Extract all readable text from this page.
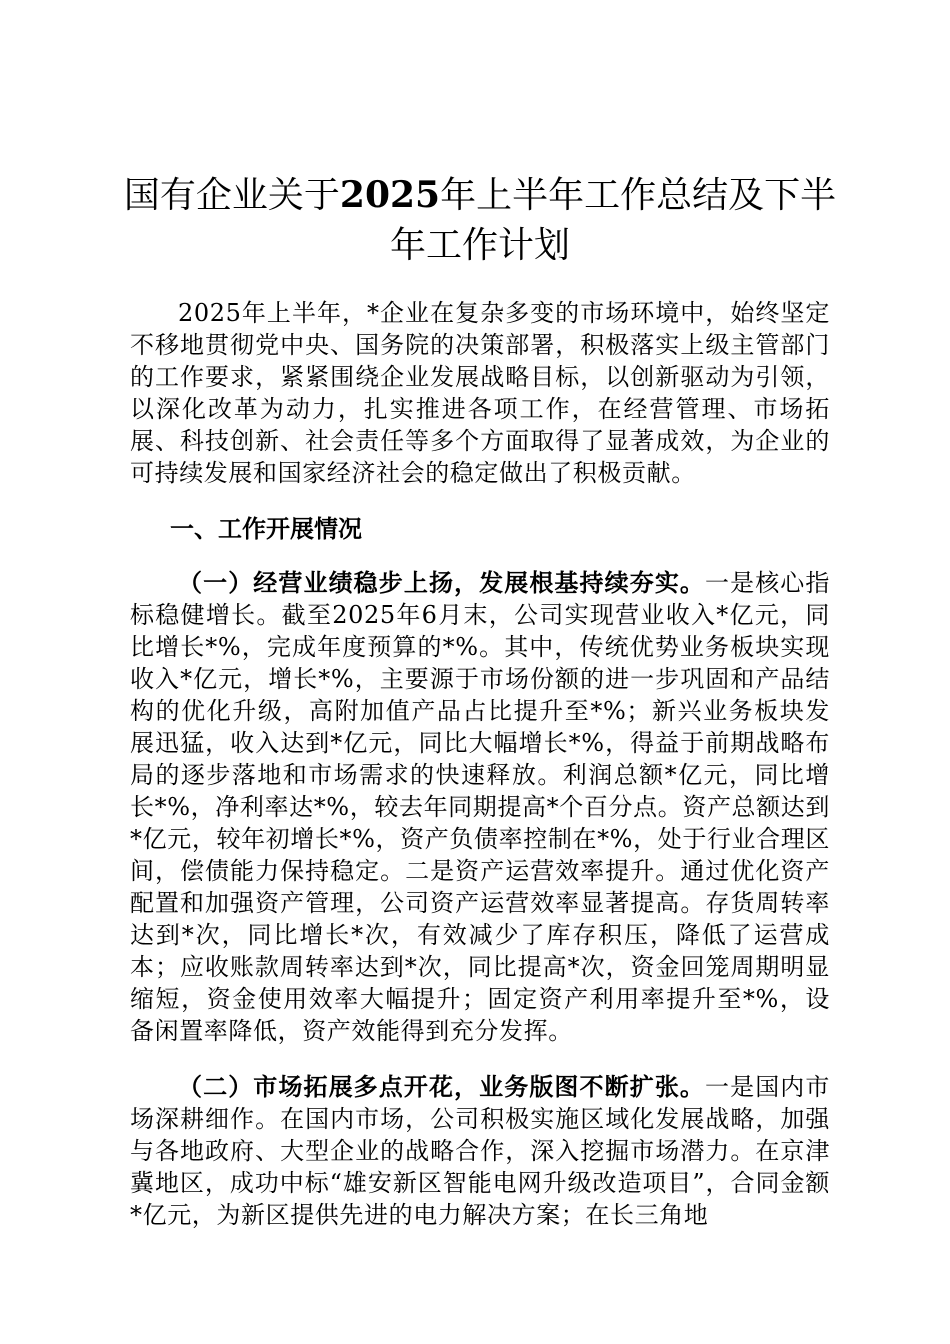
国有企业关于2025年上半年工作总结及下半
年工作计划

2025年上半年，*企业在复杂多变的市场环境中，始终坚定不移地贯彻党中央、国务院的决策部署，积极落实上级主管部门的工作要求，紧紧围绕企业发展战略目标，以创新驱动为引领，以深化改革为动力，扎实推进各项工作，在经营管理、市场拓展、科技创新、社会责任等多个方面取得了显著成效，为企业的可持续发展和国家经济社会的稳定做出了积极贡献。

一、工作开展情况

（一）经营业绩稳步上扬，发展根基持续夯实。一是核心指标稳健增长。截至2025年6月末，公司实现营业收入*亿元，同比增长*%，完成年度预算的*%。其中，传统优势业务板块实现收入*亿元，增长*%，主要源于市场份额的进一步巩固和产品结构的优化升级，高附加值产品占比提升至*%；新兴业务板块发展迅猛，收入达到*亿元，同比大幅增长*%，得益于前期战略布局的逐步落地和市场需求的快速释放。利润总额*亿元，同比增长*%，净利率达*%，较去年同期提高*个百分点。资产总额达到*亿元，较年初增长*%，资产负债率控制在*%，处于行业合理区间，偿债能力保持稳定。二是资产运营效率提升。通过优化资产配置和加强资产管理，公司资产运营效率显著提高。存货周转率达到*次，同比增长*次，有效减少了库存积压，降低了运营成本；应收账款周转率达到*次，同比提高*次，资金回笼周期明显缩短，资金使用效率大幅提升；固定资产利用率提升至*%，设备闲置率降低，资产效能得到充分发挥。

（二）市场拓展多点开花，业务版图不断扩张。一是国内市场深耕细作。在国内市场，公司积极实施区域化发展战略，加强与各地政府、大型企业的战略合作，深入挖掘市场潜力。在京津冀地区，成功中标“雄安新区智能电网升级改造项目”，合同金额*亿元，为新区提供先进的电力解决方案；在长三角地
